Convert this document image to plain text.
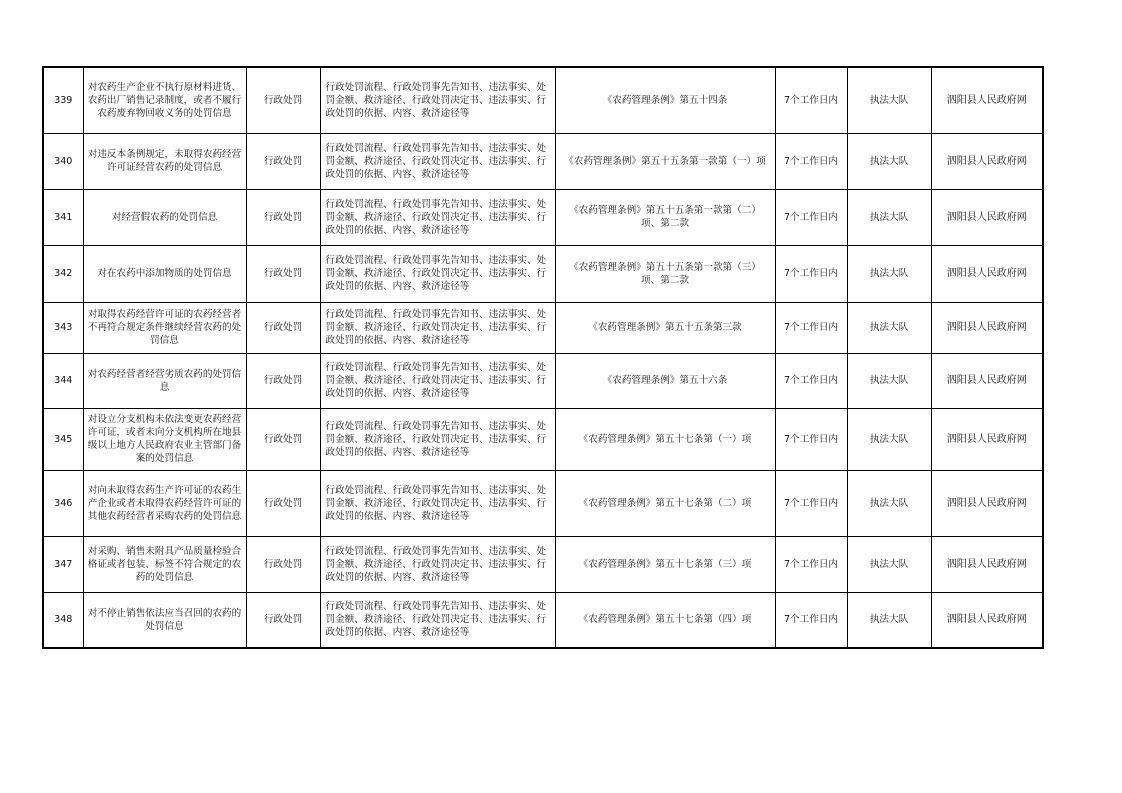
339	对农药生产企业不执行原材料进货、农药出厂销售记录制度，或者不履行农药废弃物回收义务的处罚信息	行政处罚	行政处罚流程、行政处罚事先告知书、违法事实、处罚金额、救济途径、行政处罚决定书、违法事实、行政处罚的依据、内容、救济途径等	《农药管理条例》第五十四条	7个工作日内	执法大队	泗阳县人民政府网
340	对违反本条例规定，未取得农药经营许可证经营农药的处罚信息	行政处罚	行政处罚流程、行政处罚事先告知书、违法事实、处罚金额、救济途径、行政处罚决定书、违法事实、行政处罚的依据、内容、救济途径等	《农药管理条例》第五十五条第一款第（一）项	7个工作日内	执法大队	泗阳县人民政府网
341	对经营假农药的处罚信息	行政处罚	行政处罚流程、行政处罚事先告知书、违法事实、处罚金额、救济途径、行政处罚决定书、违法事实、行政处罚的依据、内容、救济途径等	《农药管理条例》第五十五条第一款第（二）项、第二款	7个工作日内	执法大队	泗阳县人民政府网
342	对在农药中添加物质的处罚信息	行政处罚	行政处罚流程、行政处罚事先告知书、违法事实、处罚金额、救济途径、行政处罚决定书、违法事实、行政处罚的依据、内容、救济途径等	《农药管理条例》第五十五条第一款第（三）项、第二款	7个工作日内	执法大队	泗阳县人民政府网
343	对取得农药经营许可证的农药经营者不再符合规定条件继续经营农药的处罚信息	行政处罚	行政处罚流程、行政处罚事先告知书、违法事实、处罚金额、救济途径、行政处罚决定书、违法事实、行政处罚的依据、内容、救济途径等	《农药管理条例》第五十五条第三款	7个工作日内	执法大队	泗阳县人民政府网
344	对农药经营者经营劣质农药的处罚信息	行政处罚	行政处罚流程、行政处罚事先告知书、违法事实、处罚金额、救济途径、行政处罚决定书、违法事实、行政处罚的依据、内容、救济途径等	《农药管理条例》第五十六条	7个工作日内	执法大队	泗阳县人民政府网
345	对设立分支机构未依法变更农药经营许可证，或者未向分支机构所在地县级以上地方人民政府农业主管部门备案的处罚信息	行政处罚	行政处罚流程、行政处罚事先告知书、违法事实、处罚金额、救济途径、行政处罚决定书、违法事实、行政处罚的依据、内容、救济途径等	《农药管理条例》第五十七条第（一）项	7个工作日内	执法大队	泗阳县人民政府网
346	对向未取得农药生产许可证的农药生产企业或者未取得农药经营许可证的其他农药经营者采购农药的处罚信息	行政处罚	行政处罚流程、行政处罚事先告知书、违法事实、处罚金额、救济途径、行政处罚决定书、违法事实、行政处罚的依据、内容、救济途径等	《农药管理条例》第五十七条第（二）项	7个工作日内	执法大队	泗阳县人民政府网
347	对采购、销售未附具产品质量检验合格证或者包装、标签不符合规定的农药的处罚信息	行政处罚	行政处罚流程、行政处罚事先告知书、违法事实、处罚金额、救济途径、行政处罚决定书、违法事实、行政处罚的依据、内容、救济途径等	《农药管理条例》第五十七条第（三）项	7个工作日内	执法大队	泗阳县人民政府网
348	对不停止销售依法应当召回的农药的处罚信息	行政处罚	行政处罚流程、行政处罚事先告知书、违法事实、处罚金额、救济途径、行政处罚决定书、违法事实、行政处罚的依据、内容、救济途径等	《农药管理条例》第五十七条第（四）项	7个工作日内	执法大队	泗阳县人民政府网
